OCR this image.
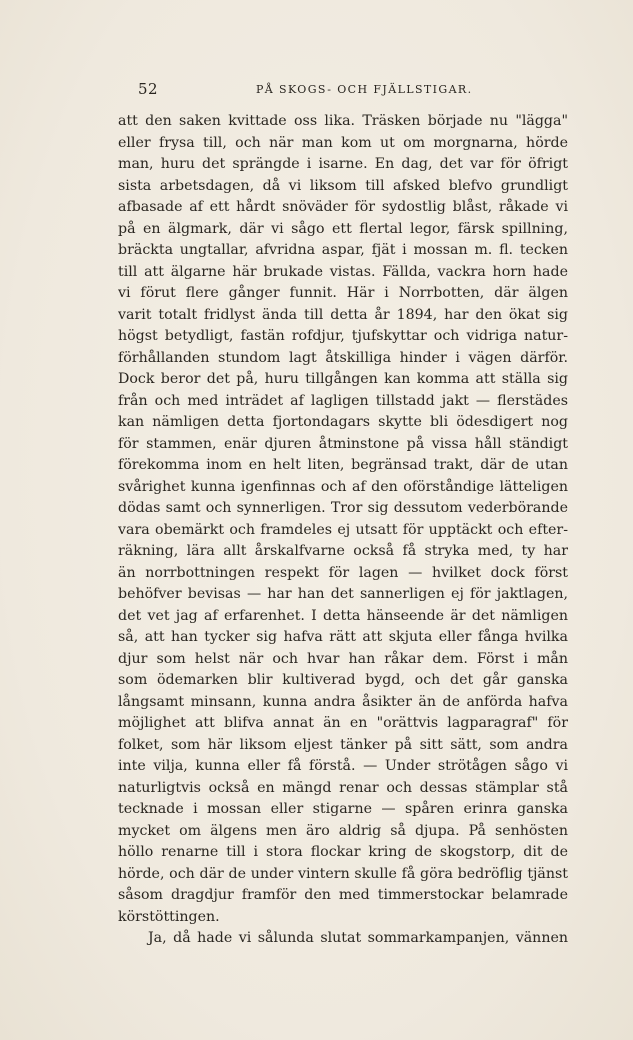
52	PÅ SKOGS- OCH FJÄLLSTIGAR.
att den saken kvittade oss lika. Träsken började nu "lägga"
eller frysa till, och när man kom ut om morgnarna, hörde
man, huru det sprängde i isarne. En dag, det var för öfrigt
sista arbetsdagen, då vi liksom till afsked blefvo grundligt
afbasade af ett hårdt snöväder för sydostlig blåst, råkade vi
på en älgmark, där vi sågo ett flertal legor, färsk spillning,
bräckta ungtallar, afvridna aspar, fjät i mossan m. fl. tecken
till att älgarne här brukade vistas. Fällda, vackra horn hade
vi förut flere gånger funnit. Här i Norrbotten, där älgen
varit totalt fridlyst ända till detta år 1894, har den ökat sig
högst betydligt, fastän rofdjur, tjufskyttar och vidriga natur-
förhållanden stundom lagt åtskilliga hinder i vägen därför.
Dock beror det på, huru tillgången kan komma att ställa sig
från och med inträdet af lagligen tillstadd jakt — flerstädes
kan nämligen detta fjortondagars skytte bli ödesdigert nog
för stammen, enär djuren åtminstone på vissa håll ständigt
förekomma inom en helt liten, begränsad trakt, där de utan
svårighet kunna igenfinnas och af den oförståndige lätteligen
dödas samt och synnerligen. Tror sig dessutom vederbörande
vara obemärkt och framdeles ej utsatt för upptäckt och efter-
räkning, lära allt årskalfvarne också få stryka med, ty har
än norrbottningen respekt för lagen — hvilket dock först
behöfver bevisas — har han det sannerligen ej för jaktlagen,
det vet jag af erfarenhet. I detta hänseende är det nämligen
så, att han tycker sig hafva rätt att skjuta eller fånga hvilka
djur som helst när och hvar han råkar dem. Först i mån
som ödemarken blir kultiverad bygd, och det går ganska
långsamt minsann, kunna andra åsikter än de anförda hafva
möjlighet att blifva annat än en "orättvis lagparagraf" för
folket, som här liksom eljest tänker på sitt sätt, som andra
inte vilja, kunna eller få förstå. — Under strötågen sågo vi
naturligtvis också en mängd renar och dessas stämplar stå
tecknade i mossan eller stigarne — spåren erinra ganska
mycket om älgens men äro aldrig så djupa. På senhösten
höllo renarne till i stora flockar kring de skogstorp, dit de
hörde, och där de under vintern skulle få göra bedröflig tjänst
såsom dragdjur framför den med timmerstockar belamrade
körstöttingen.
Ja, då hade vi sålunda slutat sommarkampanjen, vännen
